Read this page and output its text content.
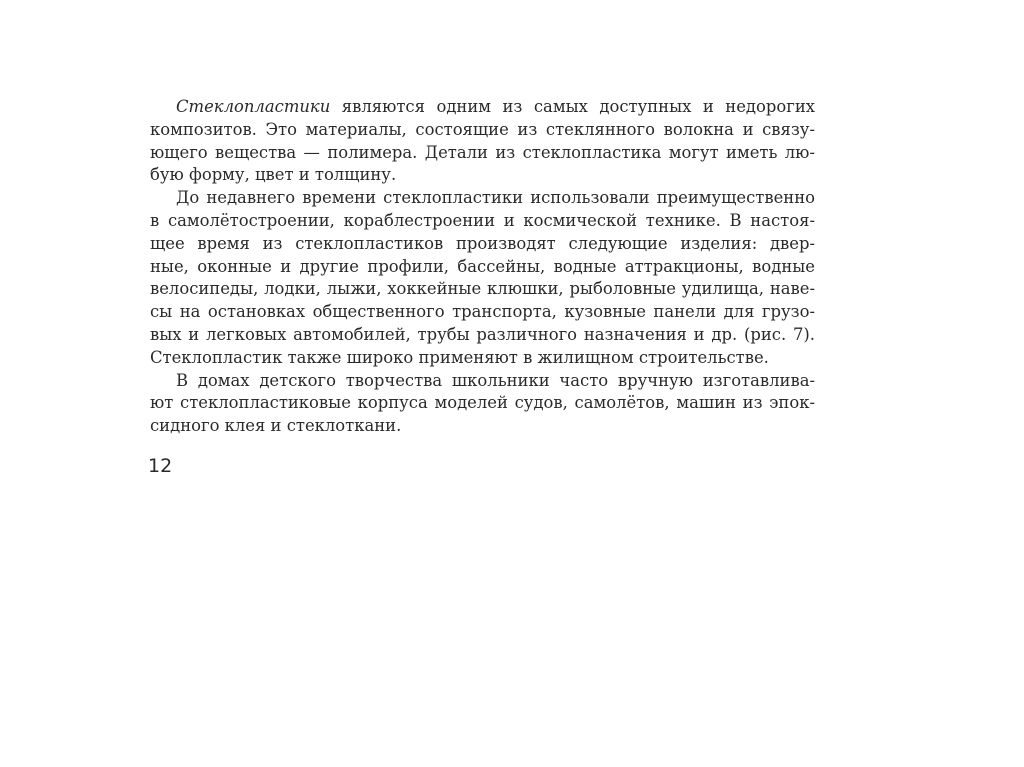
Стеклопластики являются одним из самых доступных и недорогих
композитов. Это материалы, состоящие из стеклянного волокна и связу-
ющего вещества — полимера. Детали из стеклопластика могут иметь лю-
бую форму, цвет и толщину.
До недавнего времени стеклопластики использовали преимущественно
в самолётостроении, кораблестроении и космической технике. В настоя-
щее время из стеклопластиков производят следующие изделия: двер-
ные, оконные и другие профили, бассейны, водные аттракционы, водные
велосипеды, лодки, лыжи, хоккейные клюшки, рыболовные удилища, наве-
сы на остановках общественного транспорта, кузовные панели для грузо-
вых и легковых автомобилей, трубы различного назначения и др. (рис. 7).
Стеклопластик также широко применяют в жилищном строительстве.
В домах детского творчества школьники часто вручную изготавлива-
ют стеклопластиковые корпуса моделей судов, самолётов, машин из эпок-
сидного клея и стеклоткани.
12
